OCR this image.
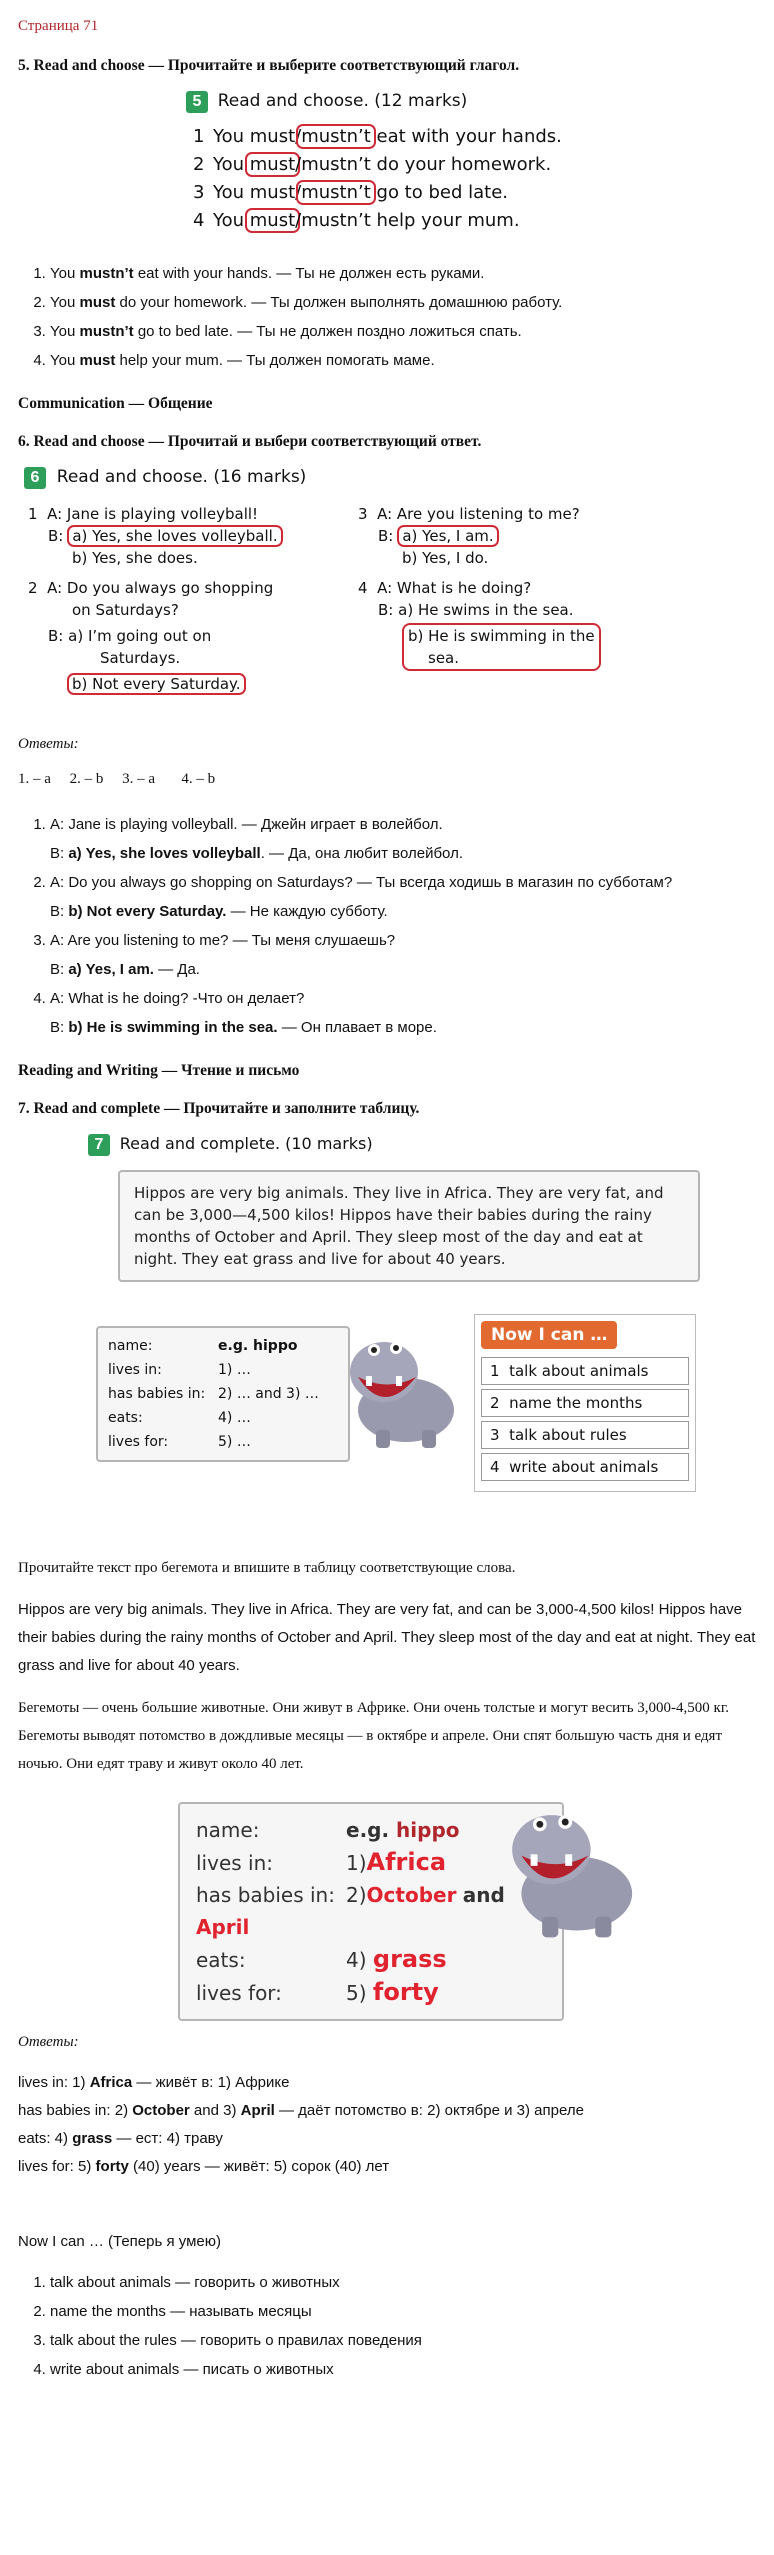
Страница 71
5. Read and choose — Прочитайте и выберите соответствующий глагол.
5 Read and choose. (12 marks)
1 You must/mustn’t eat with your hands.
2 You must/mustn’t do your homework.
3 You must/mustn’t go to bed late.
4 You must/mustn’t help your mum.
1. You mustn’t eat with your hands. — Ты не должен есть руками.
2. You must do your homework. — Ты должен выполнять домашнюю работу.
3. You mustn’t go to bed late. — Ты не должен поздно ложиться спать.
4. You must help your mum. — Ты должен помогать маме.
Communication — Общение
6. Read and choose — Прочитай и выбери соответствующий ответ.
6 Read and choose. (16 marks)
1 A: Jane is playing volleyball!
B: a) Yes, she loves volleyball.
b) Yes, she does.
2 A: Do you always go shopping
on Saturdays?
B: a) I’m going out on
Saturdays.
b) Not every Saturday.
3 A: Are you listening to me?
B: a) Yes, I am.
b) Yes, I do.
4 A: What is he doing?
B: a) He swims in the sea.
b) He is swimming in the
sea.
Ответы:
1. – a     2. – b     3. – a       4. – b
1. A: Jane is playing volleyball. — Джейн играет в волейбол.
B: a) Yes, she loves volleyball. — Да, она любит волейбол.
2. A: Do you always go shopping on Saturdays? — Ты всегда ходишь в магазин по субботам?
B: b) Not every Saturday. — Не каждую субботу.
3. A: Are you listening to me? — Ты меня слушаешь?
B: a) Yes, I am. — Да.
4. A: What is he doing? -Что он делает?
B: b) He is swimming in the sea. — Он плавает в море.
Reading and Writing — Чтение и письмо
7. Read and complete — Прочитайте и заполните таблицу.
7 Read and complete. (10 marks)
Hippos are very big animals. They live in Africa. They are very fat, and can be 3,000—4,500 kilos! Hippos have their babies during the rainy months of October and April. They sleep most of the day and eat at night. They eat grass and live for about 40 years.
name:	e.g. hippo
lives in:	1) …
has babies in: 2) … and 3) …
eats:	4) …
lives for:	5) …
Now I can …
1 talk about animals
2 name the months
3 talk about rules
4 write about animals

Прочитайте текст про бегемота и впишите в таблицу соответствующие слова.

Hippos are very big animals. They live in Africa. They are very fat, and can be 3,000-4,500 kilos! Hippos have their babies during the rainy months of October and April. They sleep most of the day and eat at night. They eat grass and live for about 40 years.

Бегемоты — очень большие животные. Они живут в Африке. Они очень толстые и могут весить 3,000-4,500 кг. Бегемоты выводят потомство в дождливые месяцы — в октябре и апреле. Они спят большую часть дня и едят ночью. Они едят траву и живут около 40 лет.

name:	e.g. hippo
lives in:	1)Africa
has babies in: 2)October and April
eats:	4) grass
lives for:	5) forty
Ответы:
lives in: 1) Africa — живёт в: 1) Африке
has babies in: 2) October and 3) April — даёт потомство в: 2) октябре и 3) апреле
eats: 4) grass — ест: 4) траву
lives for: 5) forty (40) years — живёт: 5) сорок (40) лет
Now I can … (Теперь я умею)
1. talk about animals — говорить о животных
2. name the months — называть месяцы
3. talk about the rules — говорить о правилах поведения
4. write about animals — писать о животных
